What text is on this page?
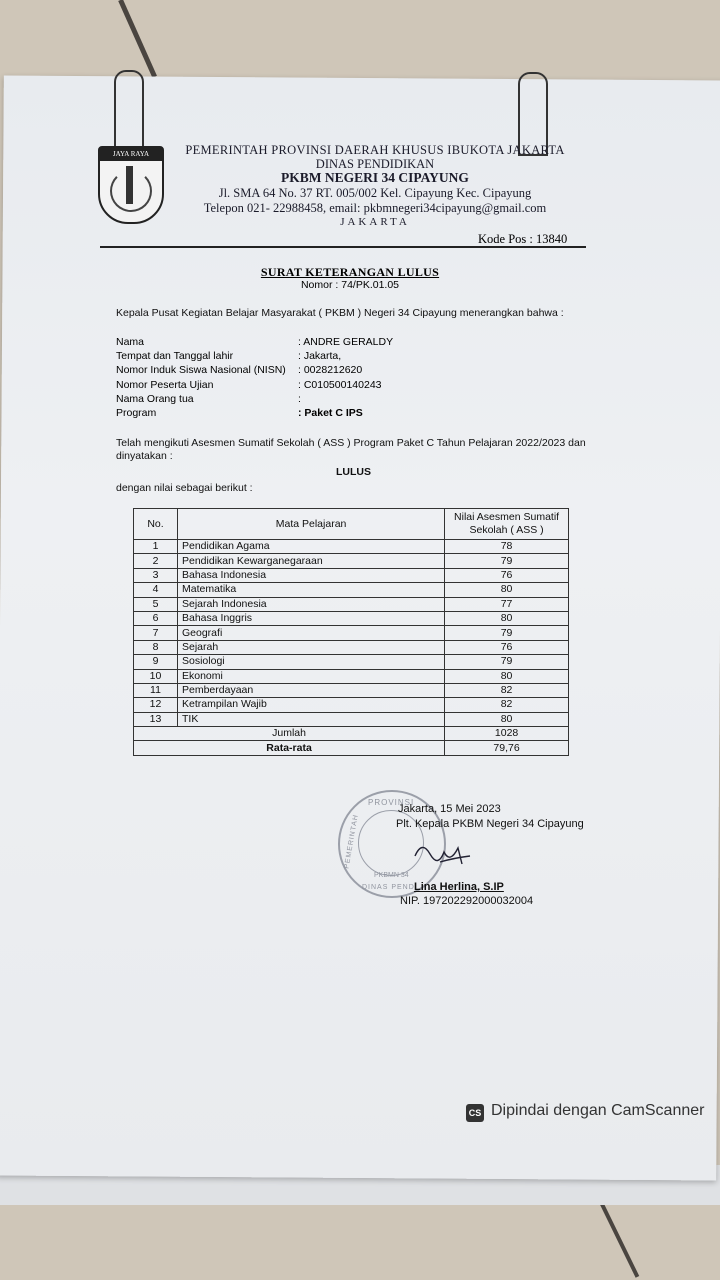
JAYA RAYA	PEMERINTAH PROVINSI DAERAH KHUSUS IBUKOTA JAKARTA
DINAS PENDIDIKAN
PKBM NEGERI 34 CIPAYUNG
Jl. SMA 64 No. 37 RT. 005/002 Kel. Cipayung Kec. Cipayung
Telepon 021- 22988458, email: pkbmnegeri34cipayung@gmail.com
JAKARTA
Kode Pos : 13840
SURAT KETERANGAN LULUS
Nomor : 74/PK.01.05
Kepala Pusat Kegiatan Belajar Masyarakat ( PKBM ) Negeri 34 Cipayung menerangkan bahwa :
Nama	: ANDRE GERALDY
Tempat dan Tanggal lahir	: Jakarta,
Nomor Induk Siswa Nasional (NISN) : 0028212620
Nomor Peserta Ujian	: C010500140243
Nama Orang tua	:
Program	: Paket C IPS
Telah mengikuti Asesmen Sumatif Sekolah ( ASS ) Program Paket C Tahun Pelajaran 2022/2023 dan
dinyatakan :
LULUS
dengan nilai sebagai berikut :
No.	Mata Pelajaran	Nilai Asesmen Sumatif
Sekolah ( ASS )

1	Pendidikan Agama	78
2	Pendidikan Kewarganegaraan	79
3	Bahasa Indonesia	76
4	Matematika	80
5	Sejarah Indonesia	77
6	Bahasa Inggris	80
7	Geografi	79
8	Sejarah	76
9	Sosiologi	79
10	Ekonomi	80
11	Pemberdayaan	82
12	Ketrampilan Wajib	82
13	TIK	80
Jumlah		1028
Rata-rata		79,76
PROVINSI
PEMERINTAH
PKBMN 34
DINAS PENDI
Jakarta, 15 Mei 2023
Plt. Kepala PKBM Negeri 34 Cipayung
Lina Herlina, S.IP
NIP. 197202292000032004
CS Dipindai dengan CamScanner
